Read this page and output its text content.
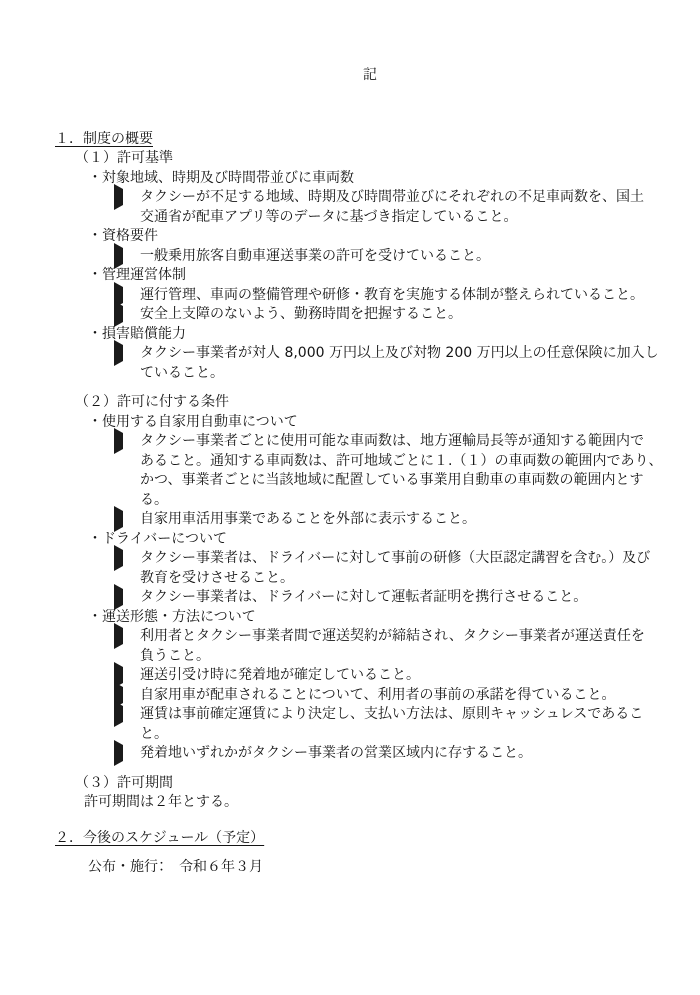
記
１．制度の概要
（１）許可基準
・対象地域、時期及び時間帯並びに車両数
タクシーが不足する地域、時期及び時間帯並びにそれぞれの不足車両数を、国土
交通省が配車アプリ等のデータに基づき指定していること。
・資格要件
一般乗用旅客自動車運送事業の許可を受けていること。
・管理運営体制
運行管理、車両の整備管理や研修・教育を実施する体制が整えられていること。
安全上支障のないよう、勤務時間を把握すること。
・損害賠償能力
タクシー事業者が対人 8,000 万円以上及び対物 200 万円以上の任意保険に加入し
ていること。
（２）許可に付する条件
・使用する自家用自動車について
タクシー事業者ごとに使用可能な車両数は、地方運輸局長等が通知する範囲内で
あること。通知する車両数は、許可地域ごとに１.（１）の車両数の範囲内であり、
かつ、事業者ごとに当該地域に配置している事業用自動車の車両数の範囲内とす
る。
自家用車活用事業であることを外部に表示すること。
・ドライバーについて
タクシー事業者は、ドライバーに対して事前の研修（大臣認定講習を含む。）及び
教育を受けさせること。
タクシー事業者は、ドライバーに対して運転者証明を携行させること。
・運送形態・方法について
利用者とタクシー事業者間で運送契約が締結され、タクシー事業者が運送責任を
負うこと。
運送引受け時に発着地が確定していること。
自家用車が配車されることについて、利用者の事前の承諾を得ていること。
運賃は事前確定運賃により決定し、支払い方法は、原則キャッシュレスであるこ
と。
発着地いずれかがタクシー事業者の営業区域内に存すること。
（３）許可期間
許可期間は２年とする。
２．今後のスケジュール（予定）
公布・施行：　令和６年３月
